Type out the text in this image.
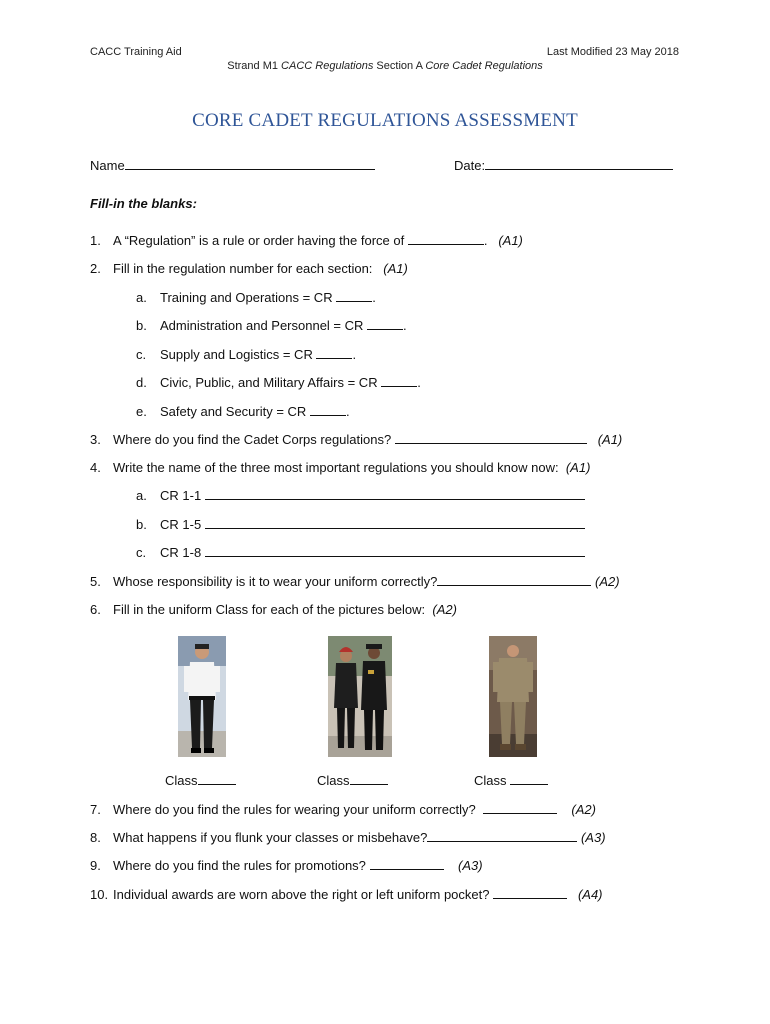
CACC Training Aid	Last Modified 23 May 2018
Strand M1 CACC Regulations Section A Core Cadet Regulations
CORE CADET REGULATIONS ASSESSMENT
Name	Date:
Fill-in the blanks:
1. A “Regulation” is a rule or order having the force of	. (A1)
2. Fill in the regulation number for each section: (A1)
a. Training and Operations = CR	.
b. Administration and Personnel = CR	.
c. Supply and Logistics = CR	.
d. Civic, Public, and Military Affairs = CR	.
e. Safety and Security = CR	.
3. Where do you find the Cadet Corps regulations?	(A1)
4. Write the name of the three most important regulations you should know now: (A1)
a. CR 1-1
b. CR 1-5
c. CR 1-8
5. Whose responsibility is it to wear your uniform correctly?	(A2)
6. Fill in the uniform Class for each of the pictures below: (A2)
Class	Class	Class
7. Where do you find the rules for wearing your uniform correctly?	(A2)
8. What happens if you flunk your classes or misbehave?	(A3)
9. Where do you find the rules for promotions?	(A3)
10. Individual awards are worn above the right or left uniform pocket?	(A4)
